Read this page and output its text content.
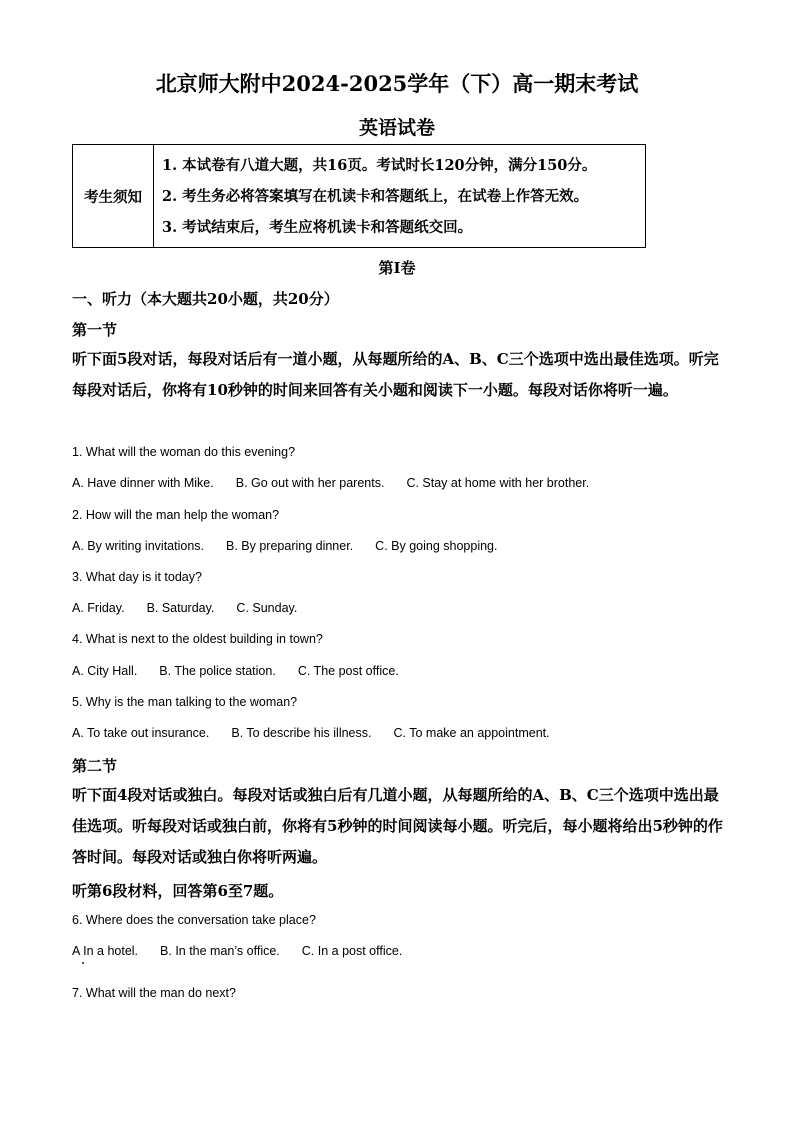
北京师大附中2024-2025学年（下）高一期末考试
英语试卷
考生须知	
1. 本试卷有八道大题，共16页。考试时长120分钟，满分150分。
2. 考生务必将答案填写在机读卡和答题纸上，在试卷上作答无效。
3. 考试结束后，考生应将机读卡和答题纸交回。
第Ⅰ卷
一、听力（本大题共20小题，共20分）
第一节
听下面5段对话，每段对话后有一道小题，从每题所给的A、B、C三个选项中选出最佳选项。听完每段对话后，你将有10秒钟的时间来回答有关小题和阅读下一小题。每段对话你将听一遍。
1. What will the woman do this evening?
A. Have dinner with Mike. B. Go out with her parents. C. Stay at home with her brother.
2. How will the man help the woman?
A. By writing invitations. B. By preparing dinner. C. By going shopping.
3. What day is it today?
A. Friday. B. Saturday. C. Sunday.
4. What is next to the oldest building in town?
A. City Hall. B. The police station. C. The post office.
5. Why is the man talking to the woman?
A. To take out insurance. B. To describe his illness. C. To make an appointment.
第二节
听下面4段对话或独白。每段对话或独白后有几道小题，从每题所给的A、B、C三个选项中选出最佳选项。听每段对话或独白前，你将有5秒钟的时间阅读每小题。听完后，每小题将给出5秒钟的作答时间。每段对话或独白你将听两遍。
听第6段材料，回答第6至7题。
6. Where does the conversation take place?
A In a hotel. B. In the man’s office. C. In a post office.
7. What will the man do next?
